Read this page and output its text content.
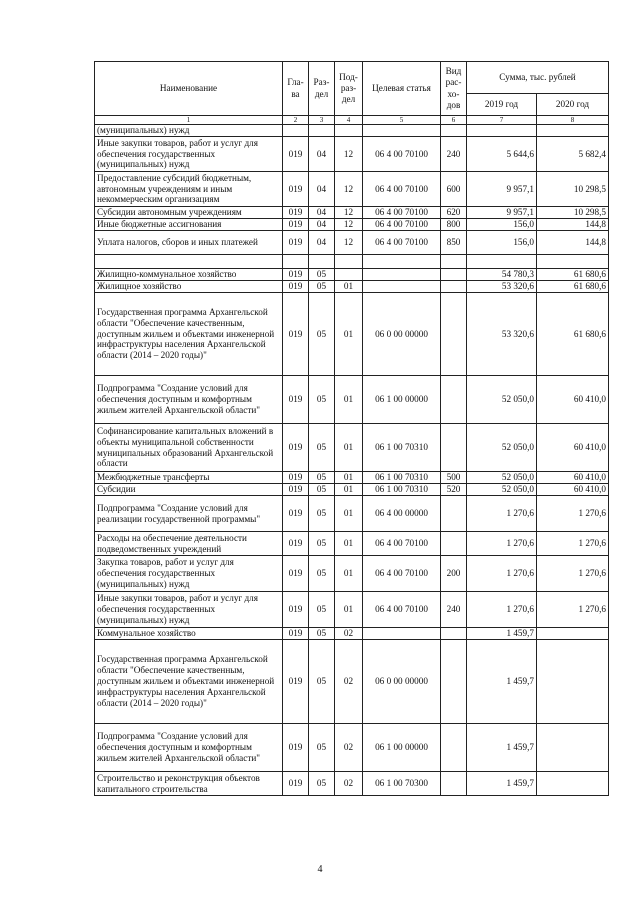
Наименование	Гла-ва	Раз-дел	Под-раз-дел	Целевая статья	Вид рас-хо-дов	Сумма, тыс. рублей	
						2019 год	2020 год
1	2	3	4	5	6	7	8
(муниципальных) нужд							
Иные закупки товаров, работ и услуг для обеспечения государственных (муниципальных) нужд	019	04	12	06 4 00 70100	240	5 644,6	5 682,4
Предоставление субсидий бюджетным, автономным учреждениям и иным некоммерческим организациям	019	04	12	06 4 00 70100	600	9 957,1	10 298,5
Субсидии автономным учреждениям	019	04	12	06 4 00 70100	620	9 957,1	10 298,5
Иные бюджетные ассигнования	019	04	12	06 4 00 70100	800	156,0	144,8
Уплата налогов, сборов и иных платежей	019	04	12	06 4 00 70100	850	156,0	144,8

Жилищно-коммунальное хозяйство	019	05				54 780,3	61 680,6
Жилищное хозяйство	019	05	01			53 320,6	61 680,6
Государственная программа Архангельской области "Обеспечение качественным, доступным жильем и объектами инженерной инфраструктуры населения Архангельской области (2014 – 2020 годы)"	019	05	01	06 0 00 00000		53 320,6	61 680,6
Подпрограмма "Создание условий для обеспечения доступным и комфортным жильем жителей Архангельской области"	019	05	01	06 1 00 00000		52 050,0	60 410,0
Софинансирование капитальных вложений в объекты муниципальной собственности муниципальных образований Архангельской области	019	05	01	06 1 00 70310		52 050,0	60 410,0
Межбюджетные трансферты	019	05	01	06 1 00 70310	500	52 050,0	60 410,0
Субсидии	019	05	01	06 1 00 70310	520	52 050,0	60 410,0
Подпрограмма "Создание условий для реализации государственной программы"	019	05	01	06 4 00 00000		1 270,6	1 270,6
Расходы на обеспечение деятельности подведомственных учреждений	019	05	01	06 4 00 70100		1 270,6	1 270,6
Закупка товаров, работ и услуг для обеспечения государственных (муниципальных) нужд	019	05	01	06 4 00 70100	200	1 270,6	1 270,6
Иные закупки товаров, работ и услуг для обеспечения государственных (муниципальных) нужд	019	05	01	06 4 00 70100	240	1 270,6	1 270,6
Коммунальное хозяйство	019	05	02			1 459,7	
Государственная программа Архангельской области "Обеспечение качественным, доступным жильем и объектами инженерной инфраструктуры населения Архангельской области (2014 – 2020 годы)"	019	05	02	06 0 00 00000		1 459,7	
Подпрограмма "Создание условий для обеспечения доступным и комфортным жильем жителей Архангельской области"	019	05	02	06 1 00 00000		1 459,7	
Строительство и реконструкция объектов капитального строительства	019	05	02	06 1 00 70300		1 459,7	
4
